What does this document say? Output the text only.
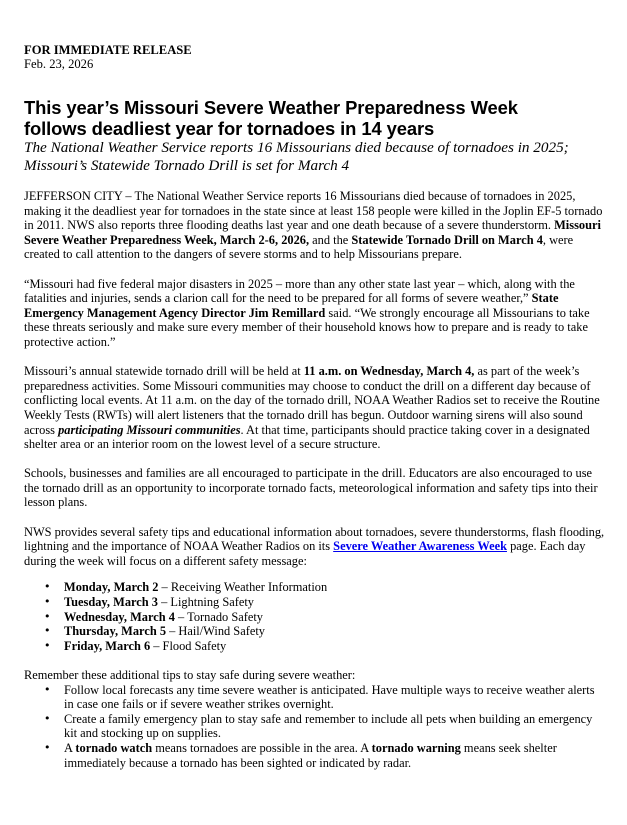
FOR IMMEDIATE RELEASE
Feb. 23, 2026
This year’s Missouri Severe Weather Preparedness Week
follows deadliest year for tornadoes in 14 years
The National Weather Service reports 16 Missourians died because of tornadoes in 2025;
Missouri’s Statewide Tornado Drill is set for March 4

JEFFERSON CITY – The National Weather Service reports 16 Missourians died because of tornadoes in 2025, making it the deadliest year for tornadoes in the state since at least 158 people were killed in the Joplin EF-5 tornado in 2011. NWS also reports three flooding deaths last year and one death because of a severe thunderstorm. Missouri Severe Weather Preparedness Week, March 2-6, 2026, and the Statewide Tornado Drill on March 4, were created to call attention to the dangers of severe storms and to help Missourians prepare.

“Missouri had five federal major disasters in 2025 – more than any other state last year – which, along with the fatalities and injuries, sends a clarion call for the need to be prepared for all forms of severe weather,” State Emergency Management Agency Director Jim Remillard said. “We strongly encourage all Missourians to take these threats seriously and make sure every member of their household knows how to prepare and is ready to take protective action.”

Missouri’s annual statewide tornado drill will be held at 11 a.m. on Wednesday, March 4, as part of the week’s preparedness activities. Some Missouri communities may choose to conduct the drill on a different day because of conflicting local events. At 11 a.m. on the day of the tornado drill, NOAA Weather Radios set to receive the Routine Weekly Tests (RWTs) will alert listeners that the tornado drill has begun. Outdoor warning sirens will also sound across participating Missouri communities. At that time, participants should practice taking cover in a designated shelter area or an interior room on the lowest level of a secure structure.

Schools, businesses and families are all encouraged to participate in the drill. Educators are also encouraged to use the tornado drill as an opportunity to incorporate tornado facts, meteorological information and safety tips into their lesson plans.

NWS provides several safety tips and educational information about tornadoes, severe thunderstorms, flash flooding, lightning and the importance of NOAA Weather Radios on its Severe Weather Awareness Week page. Each day during the week will focus on a different safety message:

• Monday, March 2 – Receiving Weather Information
• Tuesday, March 3 – Lightning Safety
• Wednesday, March 4 – Tornado Safety
• Thursday, March 5 – Hail/Wind Safety
• Friday, March 6 – Flood Safety

Remember these additional tips to stay safe during severe weather:

• Follow local forecasts any time severe weather is anticipated. Have multiple ways to receive weather alerts in case one fails or if severe weather strikes overnight.
• Create a family emergency plan to stay safe and remember to include all pets when building an emergency kit and stocking up on supplies.
• A tornado watch means tornadoes are possible in the area. A tornado warning means seek shelter immediately because a tornado has been sighted or indicated by radar.
